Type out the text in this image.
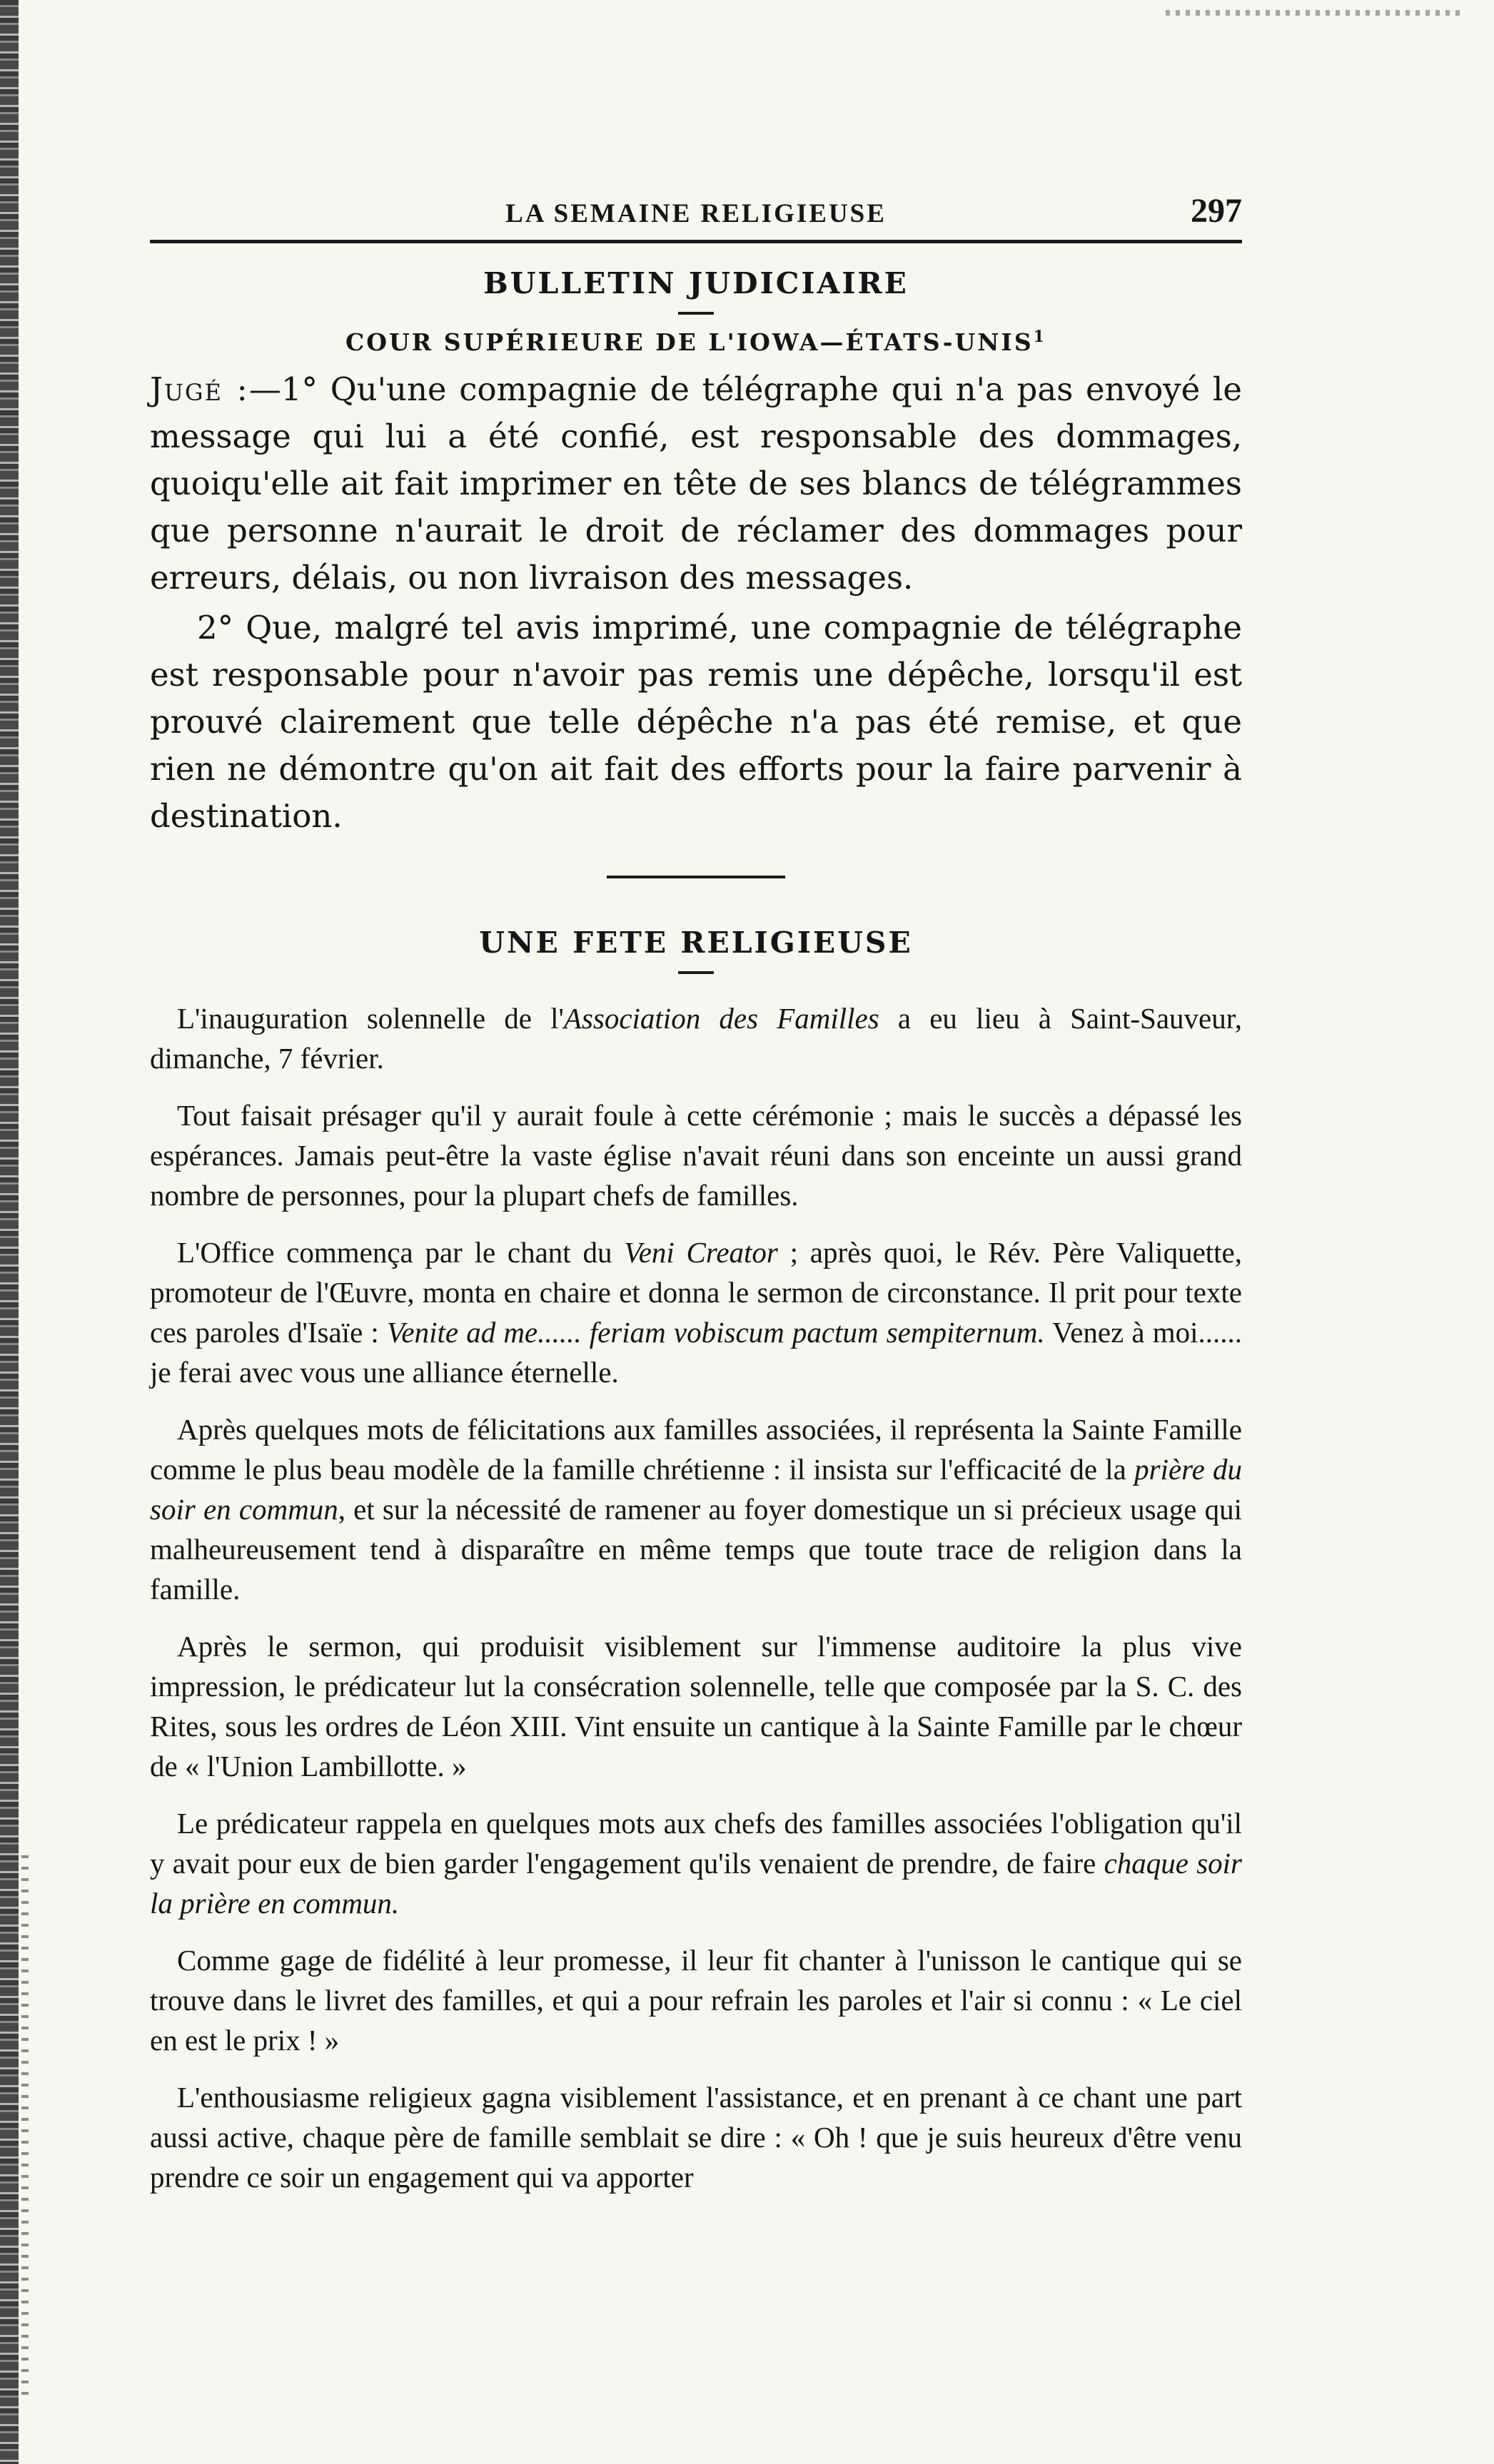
LA SEMAINE RELIGIEUSE	297
BULLETIN JUDICIAIRE
COUR SUPÉRIEURE DE L'IOWA—ÉTATS-UNIS$^1$

Jugé :—1° Qu'une compagnie de télégraphe qui n'a pas envoyé le message qui lui a été confié, est responsable des dommages, quoiqu'elle ait fait imprimer en tête de ses blancs de télégrammes que personne n'aurait le droit de réclamer des dommages pour erreurs, délais, ou non livraison des messages.

2° Que, malgré tel avis imprimé, une compagnie de télégraphe est responsable pour n'avoir pas remis une dépêche, lorsqu'il est prouvé clairement que telle dépêche n'a pas été remise, et que rien ne démontre qu'on ait fait des efforts pour la faire parvenir à destination.

UNE FETE RELIGIEUSE

L'inauguration solennelle de l'Association des Familles a eu lieu à Saint-Sauveur, dimanche, 7 février.

Tout faisait présager qu'il y aurait foule à cette cérémonie ; mais le succès a dépassé les espérances. Jamais peut-être la vaste église n'avait réuni dans son enceinte un aussi grand nombre de personnes, pour la plupart chefs de familles.

L'Office commença par le chant du Veni Creator ; après quoi, le Rév. Père Valiquette, promoteur de l'Œuvre, monta en chaire et donna le sermon de circonstance. Il prit pour texte ces paroles d'Isaïe : Venite ad me...... feriam vobiscum pactum sempiternum. Venez à moi...... je ferai avec vous une alliance éternelle.

Après quelques mots de félicitations aux familles associées, il représenta la Sainte Famille comme le plus beau modèle de la famille chrétienne : il insista sur l'efficacité de la prière du soir en commun, et sur la nécessité de ramener au foyer domestique un si précieux usage qui malheureusement tend à disparaître en même temps que toute trace de religion dans la famille.

Après le sermon, qui produisit visiblement sur l'immense auditoire la plus vive impression, le prédicateur lut la consécration solennelle, telle que composée par la S. C. des Rites, sous les ordres de Léon XIII. Vint ensuite un cantique à la Sainte Famille par le chœur de « l'Union Lambillotte. »

Le prédicateur rappela en quelques mots aux chefs des familles associées l'obligation qu'il y avait pour eux de bien garder l'engagement qu'ils venaient de prendre, de faire chaque soir la prière en commun.

Comme gage de fidélité à leur promesse, il leur fit chanter à l'unisson le cantique qui se trouve dans le livret des familles, et qui a pour refrain les paroles et l'air si connu : « Le ciel en est le prix ! »

L'enthousiasme religieux gagna visiblement l'assistance, et en prenant à ce chant une part aussi active, chaque père de famille semblait se dire : « Oh ! que je suis heureux d'être venu prendre ce soir un engagement qui va apporter
